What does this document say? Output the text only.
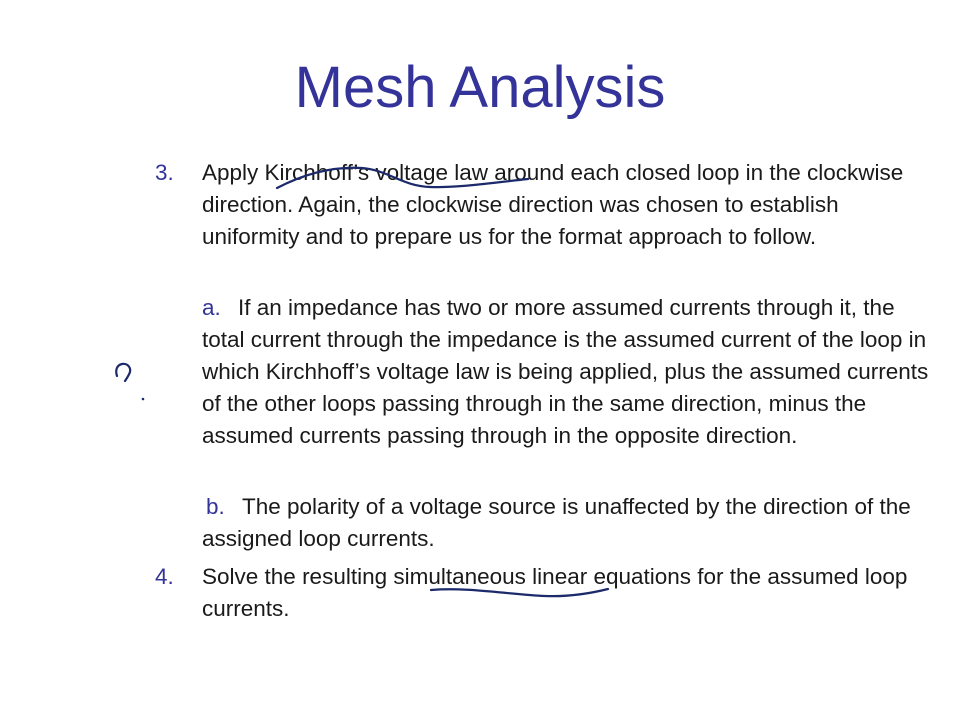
Mesh Analysis
3. Apply Kirchhoff’s voltage law around each closed loop in the clockwise direction. Again, the clockwise direction was chosen to establish uniformity and to prepare us for the format approach to follow.
a. If an impedance has two or more assumed currents through it, the total current through the impedance is the assumed current of the loop in which Kirchhoff’s voltage law is being applied, plus the assumed currents of the other loops passing through in the same direction, minus the assumed currents passing through in the opposite direction.
b. The polarity of a voltage source is unaffected by the direction of the assigned loop currents.
4. Solve the resulting simultaneous linear equations for the assumed loop currents.
